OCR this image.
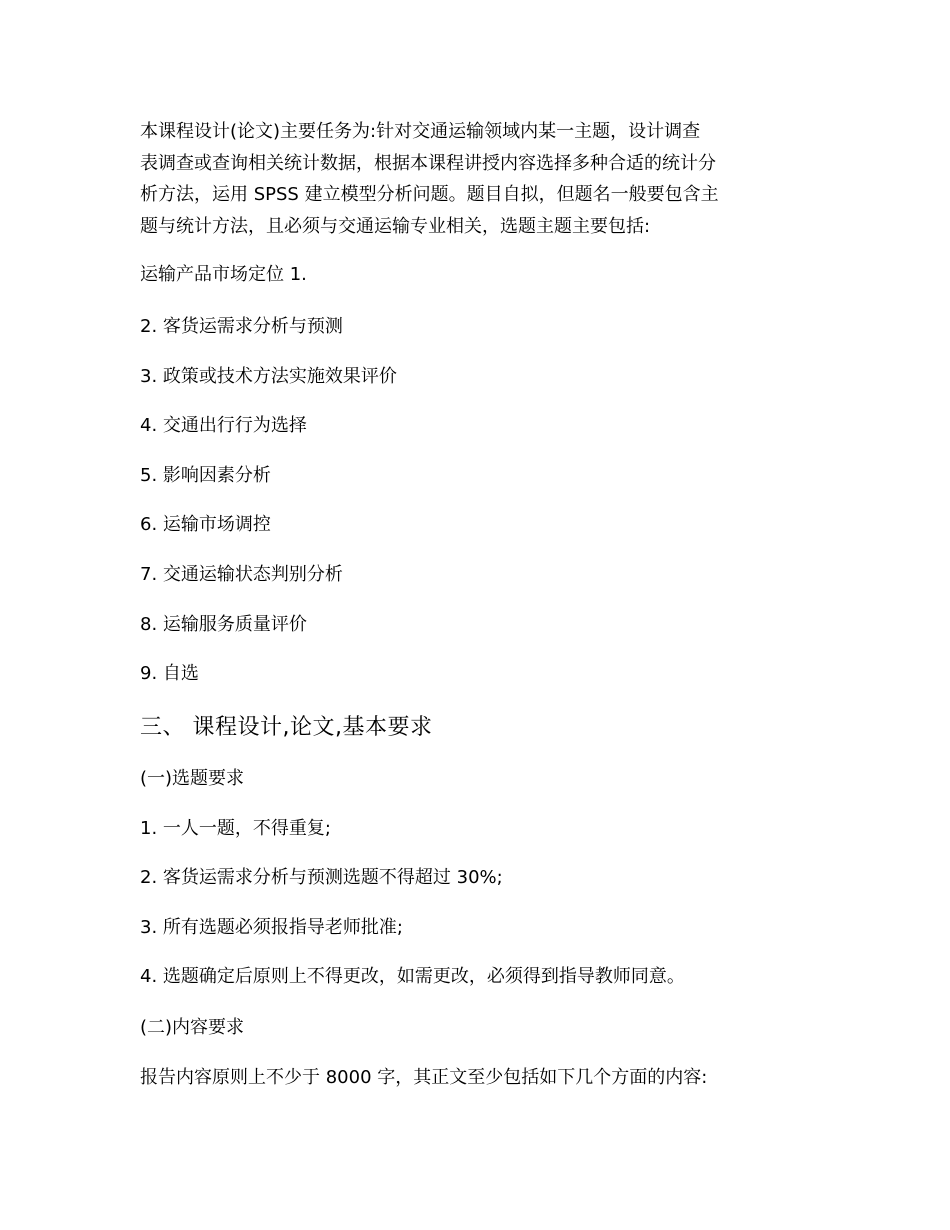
本课程设计(论文)主要任务为:针对交通运输领域内某一主题，设计调查
表调查或查询相关统计数据，根据本课程讲授内容选择多种合适的统计分
析方法，运用 SPSS 建立模型分析问题。题目自拟，但题名一般要包含主
题与统计方法，且必须与交通运输专业相关，选题主题主要包括:

运输产品市场定位 1.

2. 客货运需求分析与预测

3. 政策或技术方法实施效果评价

4. 交通出行行为选择

5. 影响因素分析

6. 运输市场调控

7. 交通运输状态判别分析

8. 运输服务质量评价

9. 自选

三、 课程设计,论文,基本要求

(一)选题要求

1. 一人一题，不得重复;

2. 客货运需求分析与预测选题不得超过 30%;

3. 所有选题必须报指导老师批准;

4. 选题确定后原则上不得更改，如需更改，必须得到指导教师同意。

(二)内容要求

报告内容原则上不少于 8000 字，其正文至少包括如下几个方面的内容:
